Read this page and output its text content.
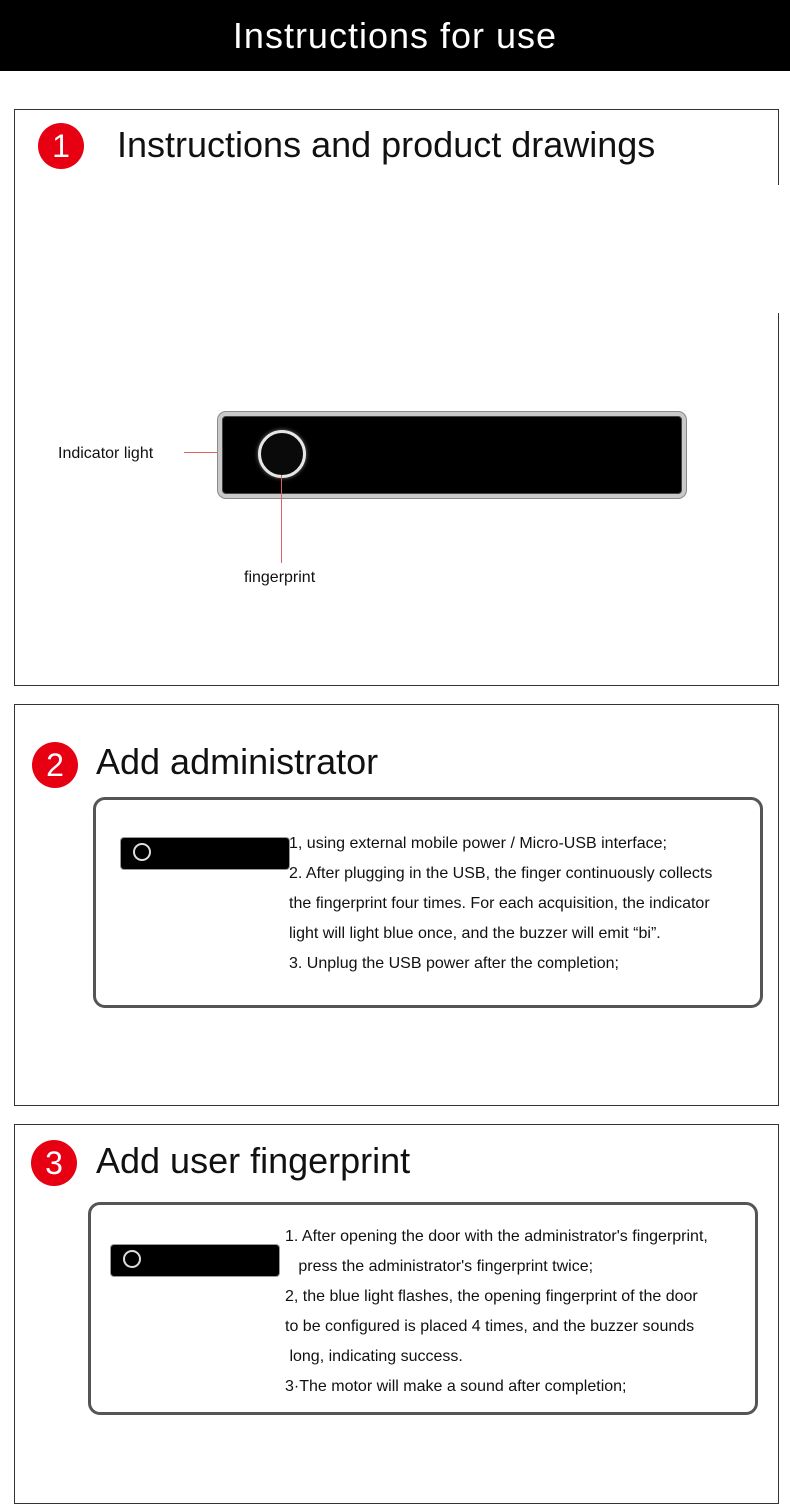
Instructions for use
1	Instructions and product drawings
Indicator light
fingerprint
2 Add administrator
1, using external mobile power / Micro-USB interface;
2. After plugging in the USB, the finger continuously collects
the fingerprint four times. For each acquisition, the indicator
light will light blue once, and the buzzer will emit “bi”.
3. Unplug the USB power after the completion;
3 Add user fingerprint
1. After opening the door with the administrator's fingerprint,
press the administrator's fingerprint twice;
2, the blue light flashes, the opening fingerprint of the door
to be configured is placed 4 times, and the buzzer sounds
long, indicating success.
3·The motor will make a sound after completion;
